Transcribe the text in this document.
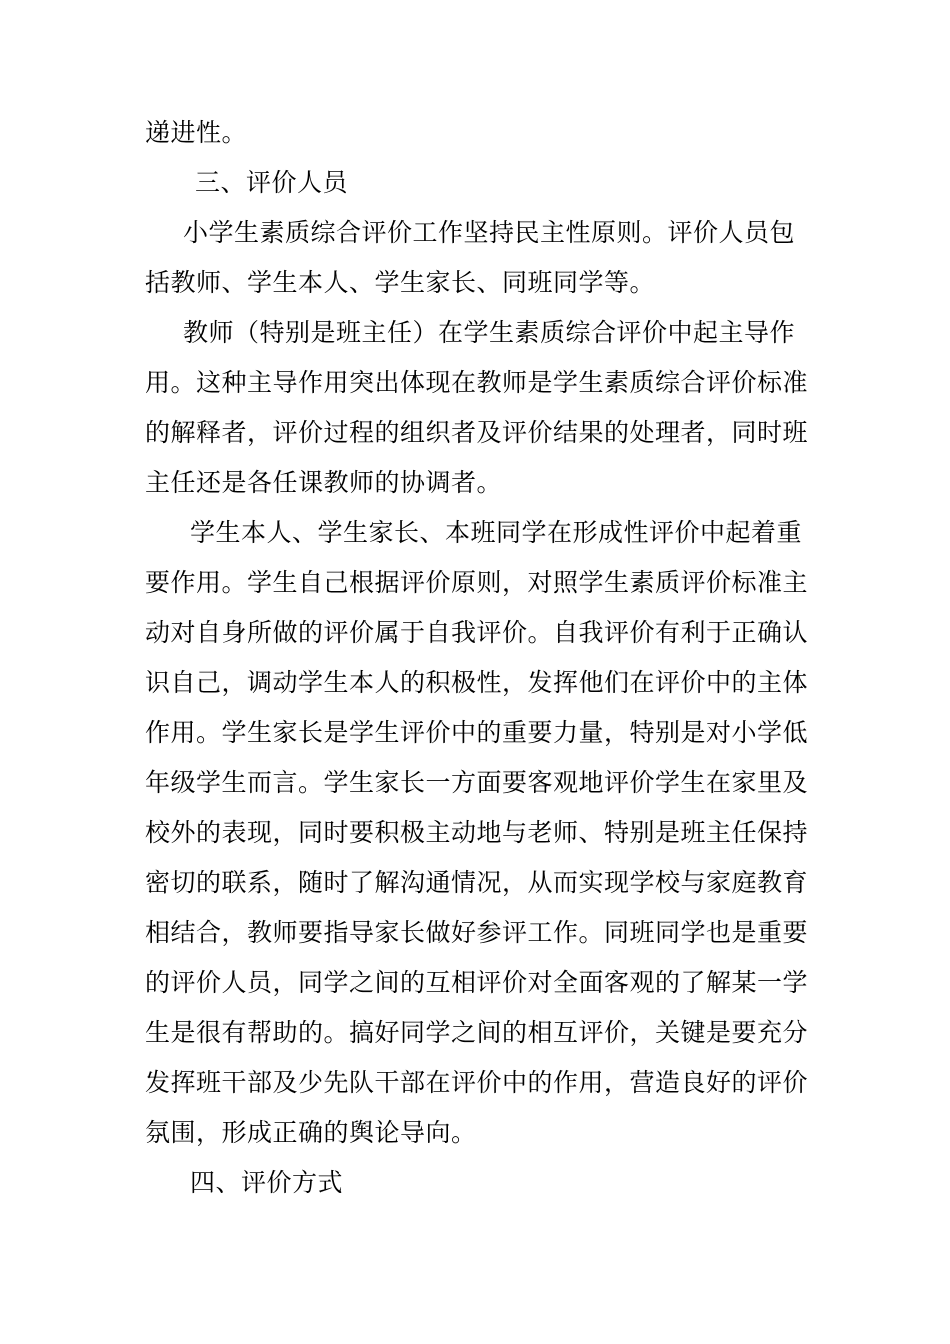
递进性。
三、评价人员
小学生素质综合评价工作坚持民主性原则。评价人员包
括教师、学生本人、学生家长、同班同学等。
教师（特别是班主任）在学生素质综合评价中起主导作
用。这种主导作用突出体现在教师是学生素质综合评价标准
的解释者，评价过程的组织者及评价结果的处理者，同时班
主任还是各任课教师的协调者。
学生本人、学生家长、本班同学在形成性评价中起着重
要作用。学生自己根据评价原则，对照学生素质评价标准主
动对自身所做的评价属于自我评价。自我评价有利于正确认
识自己，调动学生本人的积极性，发挥他们在评价中的主体
作用。学生家长是学生评价中的重要力量，特别是对小学低
年级学生而言。学生家长一方面要客观地评价学生在家里及
校外的表现，同时要积极主动地与老师、特别是班主任保持
密切的联系，随时了解沟通情况，从而实现学校与家庭教育
相结合，教师要指导家长做好参评工作。同班同学也是重要
的评价人员，同学之间的互相评价对全面客观的了解某一学
生是很有帮助的。搞好同学之间的相互评价，关键是要充分
发挥班干部及少先队干部在评价中的作用，营造良好的评价
氛围，形成正确的舆论导向。
四、评价方式
